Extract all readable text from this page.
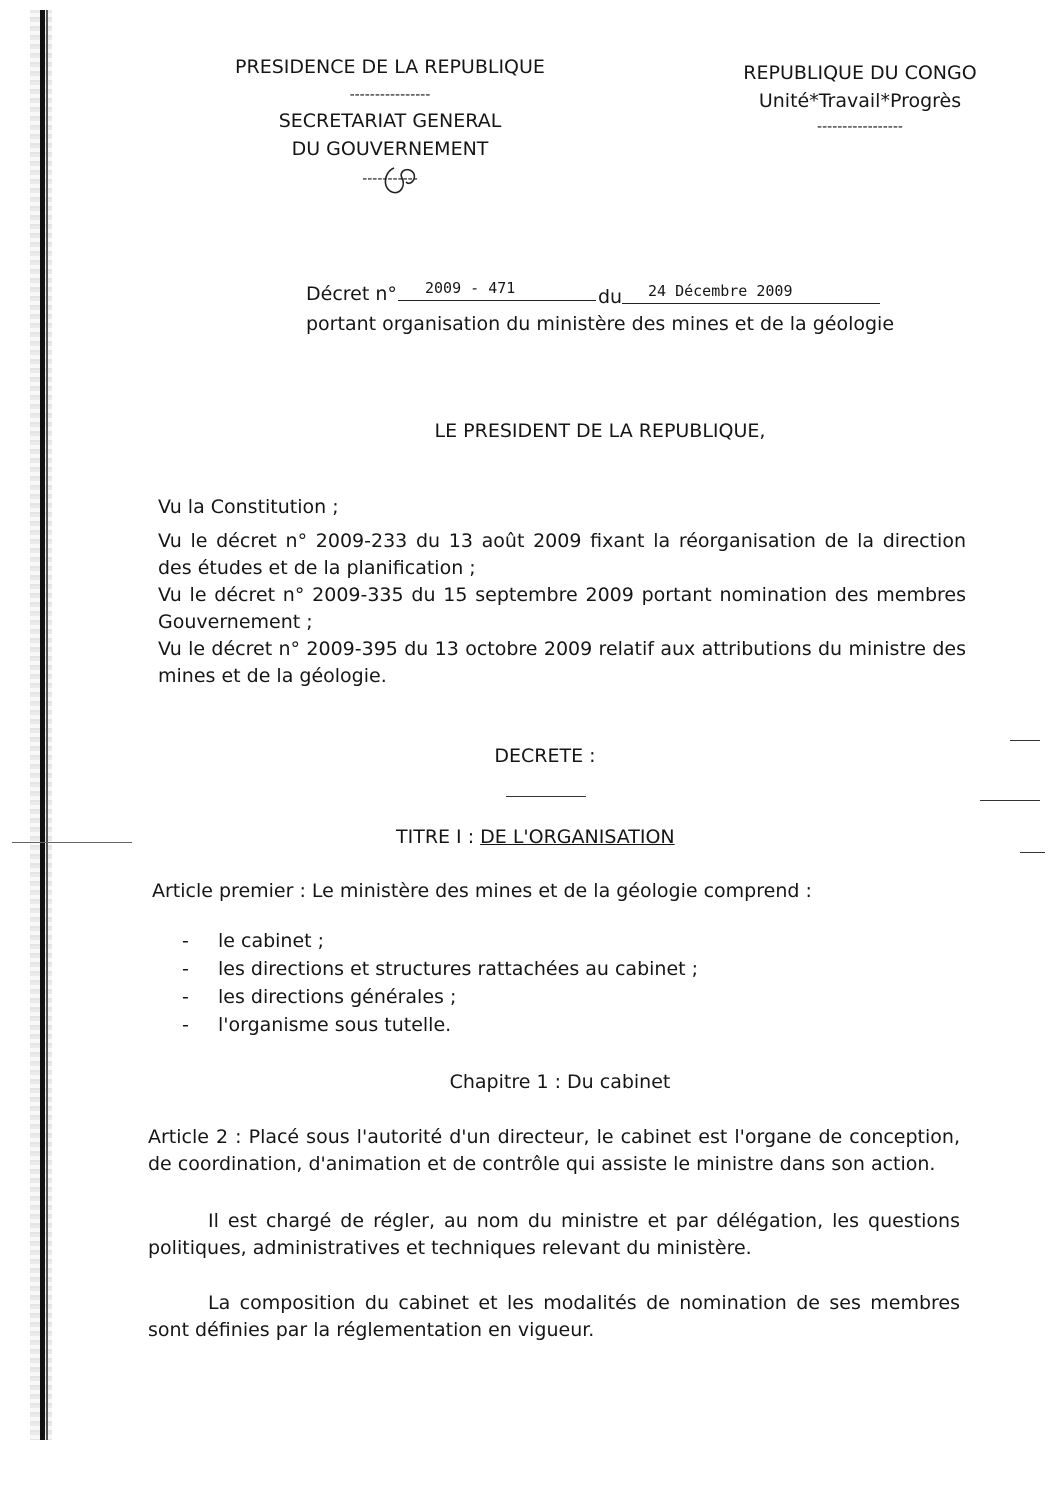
PRESIDENCE DE LA REPUBLIQUE
----------------
SECRETARIAT GENERAL
DU GOUVERNEMENT
-----------
REPUBLIQUE DU CONGO
Unité*Travail*Progrès
-----------------
Décret n° 2009 - 471	du 24 Décembre 2009
portant organisation du ministère des mines et de la géologie
LE PRESIDENT DE LA REPUBLIQUE,
Vu la Constitution ;
Vu le décret n° 2009-233 du 13 août 2009 fixant la réorganisation de la direction des études et de la planification ;
Vu le décret n° 2009-335 du 15 septembre 2009 portant nomination des membres Gouvernement ;
Vu le décret n° 2009-395 du 13 octobre 2009 relatif aux attributions du ministre des mines et de la géologie.
DECRETE :
TITRE I : DE L'ORGANISATION
Article premier : Le ministère des mines et de la géologie comprend :
- le cabinet ;
- les directions et structures rattachées au cabinet ;
- les directions générales ;
- l'organisme sous tutelle.
Chapitre 1 : Du cabinet
Article 2 : Placé sous l'autorité d'un directeur, le cabinet est l'organe de conception, de coordination, d'animation et de contrôle qui assiste le ministre dans son action.
Il est chargé de régler, au nom du ministre et par délégation, les questions politiques, administratives et techniques relevant du ministère.
La composition du cabinet et les modalités de nomination de ses membres sont définies par la réglementation en vigueur.
